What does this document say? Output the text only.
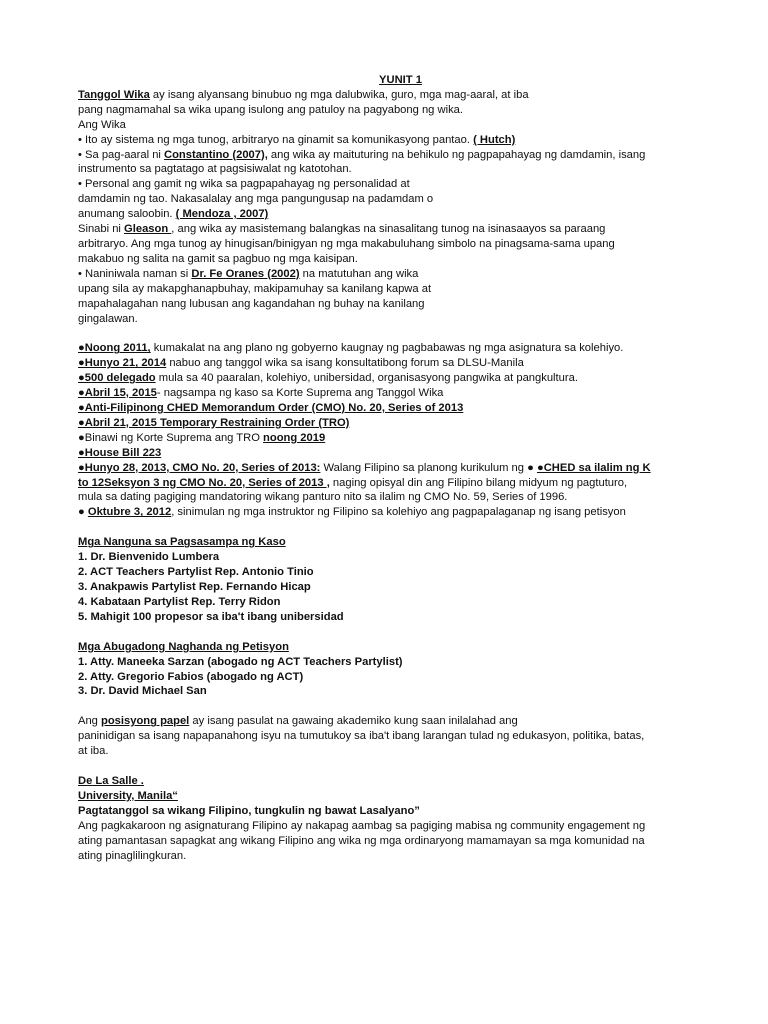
YUNIT 1

Tanggol Wika ay isang alyansang binubuo ng mga dalubwika, guro, mga mag-aaral, at iba

pang nagmamahal sa wika upang isulong ang patuloy na pagyabong ng wika.

Ang Wika

• Ito ay sistema ng mga tunog, arbitraryo na ginamit sa komunikasyong pantao. ( Hutch)

• Sa pag-aaral ni Constantino (2007), ang wika ay maituturing na behikulo ng pagpapahayag ng damdamin, isang

instrumento sa pagtatago at pagsisiwalat ng katotohan.

• Personal ang gamit ng wika sa pagpapahayag ng personalidad at

damdamin ng tao. Nakasalalay ang mga pangungusap na padamdam o

anumang saloobin. ( Mendoza , 2007)

Sinabi ni Gleason , ang wika ay masistemang balangkas na sinasalitang tunog na isinasaayos sa paraang

arbitraryo. Ang mga tunog ay hinugisan/binigyan ng mga makabuluhang simbolo na pinagsama-sama upang

makabuo ng salita na gamit sa pagbuo ng mga kaisipan.

• Naniniwala naman si Dr. Fe Oranes (2002) na matutuhan ang wika

upang sila ay makapghanapbuhay, makipamuhay sa kanilang kapwa at

mapahalagahan nang lubusan ang kagandahan ng buhay na kanilang

gingalawan.

●Noong 2011, kumakalat na ang plano ng gobyerno kaugnay ng pagbabawas ng mga asignatura sa kolehiyo.

●Hunyo 21, 2014 nabuo ang tanggol wika sa isang konsultatibong forum sa DLSU-Manila

●500 delegado mula sa 40 paaralan, kolehiyo, unibersidad, organisasyong pangwika at pangkultura.

●Abril 15, 2015- nagsampa ng kaso sa Korte Suprema ang Tanggol Wika

●Anti-Filipinong CHED Memorandum Order (CMO) No. 20, Series of 2013

●Abril 21, 2015 Temporary Restraining Order (TRO)

●Binawi ng Korte Suprema ang TRO noong 2019

●House Bill 223

●Hunyo 28, 2013, CMO No. 20, Series of 2013: Walang Filipino sa planong kurikulum ng ● ●CHED sa ilalim ng K

to 12Seksyon 3 ng CMO No. 20, Series of 2013 , naging opisyal din ang Filipino bilang midyum ng pagtuturo,

mula sa dating pagiging mandatoring wikang panturo nito sa ilalim ng CMO No. 59, Series of 1996.

● Oktubre 3, 2012, sinimulan ng mga instruktor ng Filipino sa kolehiyo ang pagpapalaganap ng isang petisyon

Mga Nanguna sa Pagsasampa ng Kaso

1. Dr. Bienvenido Lumbera

2. ACT Teachers Partylist Rep. Antonio Tinio

3. Anakpawis Partylist Rep. Fernando Hicap

4. Kabataan Partylist Rep. Terry Ridon

5. Mahigit 100 propesor sa iba't ibang unibersidad

Mga Abugadong Naghanda ng Petisyon

1. Atty. Maneeka Sarzan (abogado ng ACT Teachers Partylist)

2. Atty. Gregorio Fabios (abogado ng ACT)

3. Dr. David Michael San

Ang posisyong papel ay isang pasulat na gawaing akademiko kung saan inilalahad ang

paninidigan sa isang napapanahong isyu na tumutukoy sa iba't ibang larangan tulad ng edukasyon, politika, batas,

at iba.

De La Salle .

University, Manila“

Pagtatanggol sa wikang Filipino, tungkulin ng bawat Lasalyano”

Ang pagkakaroon ng asignaturang Filipino ay nakapag aambag sa pagiging mabisa ng community engagement ng

ating pamantasan sapagkat ang wikang Filipino ang wika ng mga ordinaryong mamamayan sa mga komunidad na

ating pinaglilingkuran.
